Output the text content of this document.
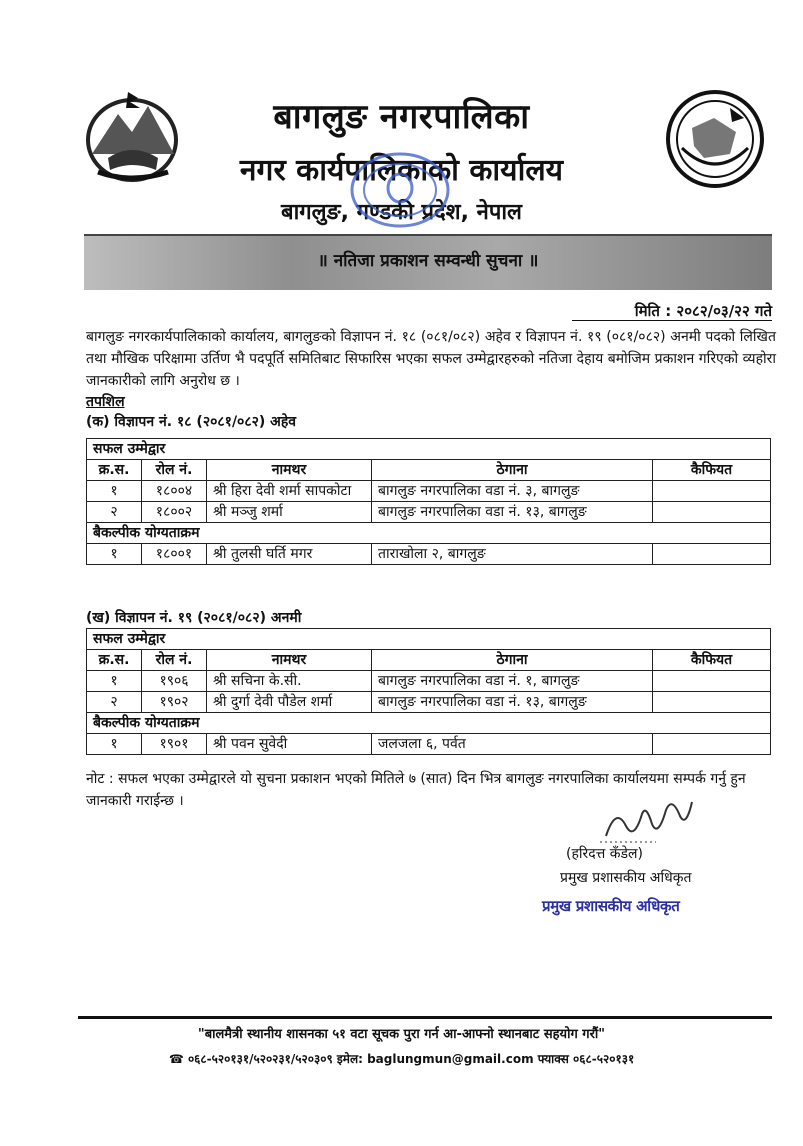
बागलुङ नगरपालिका
नगर कार्यपालिकाको कार्यालय
बागलुङ, गण्डकी प्रदेश, नेपाल
॥ नतिजा प्रकाशन सम्वन्धी सुचना ॥
मिति : २०८२/०३/२२ गते
बागलुङ नगरकार्यपालिकाको कार्यालय, बागलुङको विज्ञापन नं. १८ (०८१/०८२) अहेव र विज्ञापन नं. १९ (०८१/०८२) अनमी पदको लिखित तथा मौखिक परिक्षामा उर्तिण भै पदपूर्ति समितिबाट सिफारिस भएका सफल उम्मेद्वारहरुको नतिजा देहाय बमोजिम प्रकाशन गरिएको व्यहोरा जानकारीको लागि अनुरोध छ ।
तपशिल
(क) विज्ञापन नं. १८ (२०८१/०८२) अहेव
सफल उम्मेद्वार				
क्र.स.	रोल नं.	नामथर	ठेगाना	कैफियत
१	१८००४	श्री हिरा देवी शर्मा सापकोटा	बागलुङ नगरपालिका वडा नं. ३, बागलुङ	
२	१८००२	श्री मञ्जु शर्मा	बागलुङ नगरपालिका वडा नं. १३, बागलुङ	
बैकल्पीक योग्यताक्रम				
१	१८००१	श्री तुलसी घर्ति मगर	ताराखोला २, बागलुङ	
(ख) विज्ञापन नं. १९ (२०८१/०८२) अनमी
सफल उम्मेद्वार				
क्र.स.	रोल नं.	नामथर	ठेगाना	कैफियत
१	१९०६	श्री सचिना के.सी.	बागलुङ नगरपालिका वडा नं. १, बागलुङ	
२	१९०२	श्री दुर्गा देवी पौडेल शर्मा	बागलुङ नगरपालिका वडा नं. १३, बागलुङ	
बैकल्पीक योग्यताक्रम				
१	१९०१	श्री पवन सुवेदी	जलजला ६, पर्वत	
नोट : सफल भएका उम्मेद्वारले यो सुचना प्रकाशन भएको मितिले ७ (सात) दिन भित्र बागलुङ नगरपालिका कार्यालयमा सम्पर्क गर्नु हुन जानकारी गराईन्छ ।
(हरिदत्त कँडेल)
प्रमुख प्रशासकीय अधिकृत
प्रमुख प्रशासकीय अधिकृत
"बालमैत्री स्थानीय शासनका ५१ वटा सूचक पुरा गर्न आ-आफ्नो स्थानबाट सहयोग गरौं"
☎ ०६८-५२०१३१/५२०२३१/५२०३०९ इमेल: baglungmun@gmail.com फ्याक्स ०६८-५२०१३१
